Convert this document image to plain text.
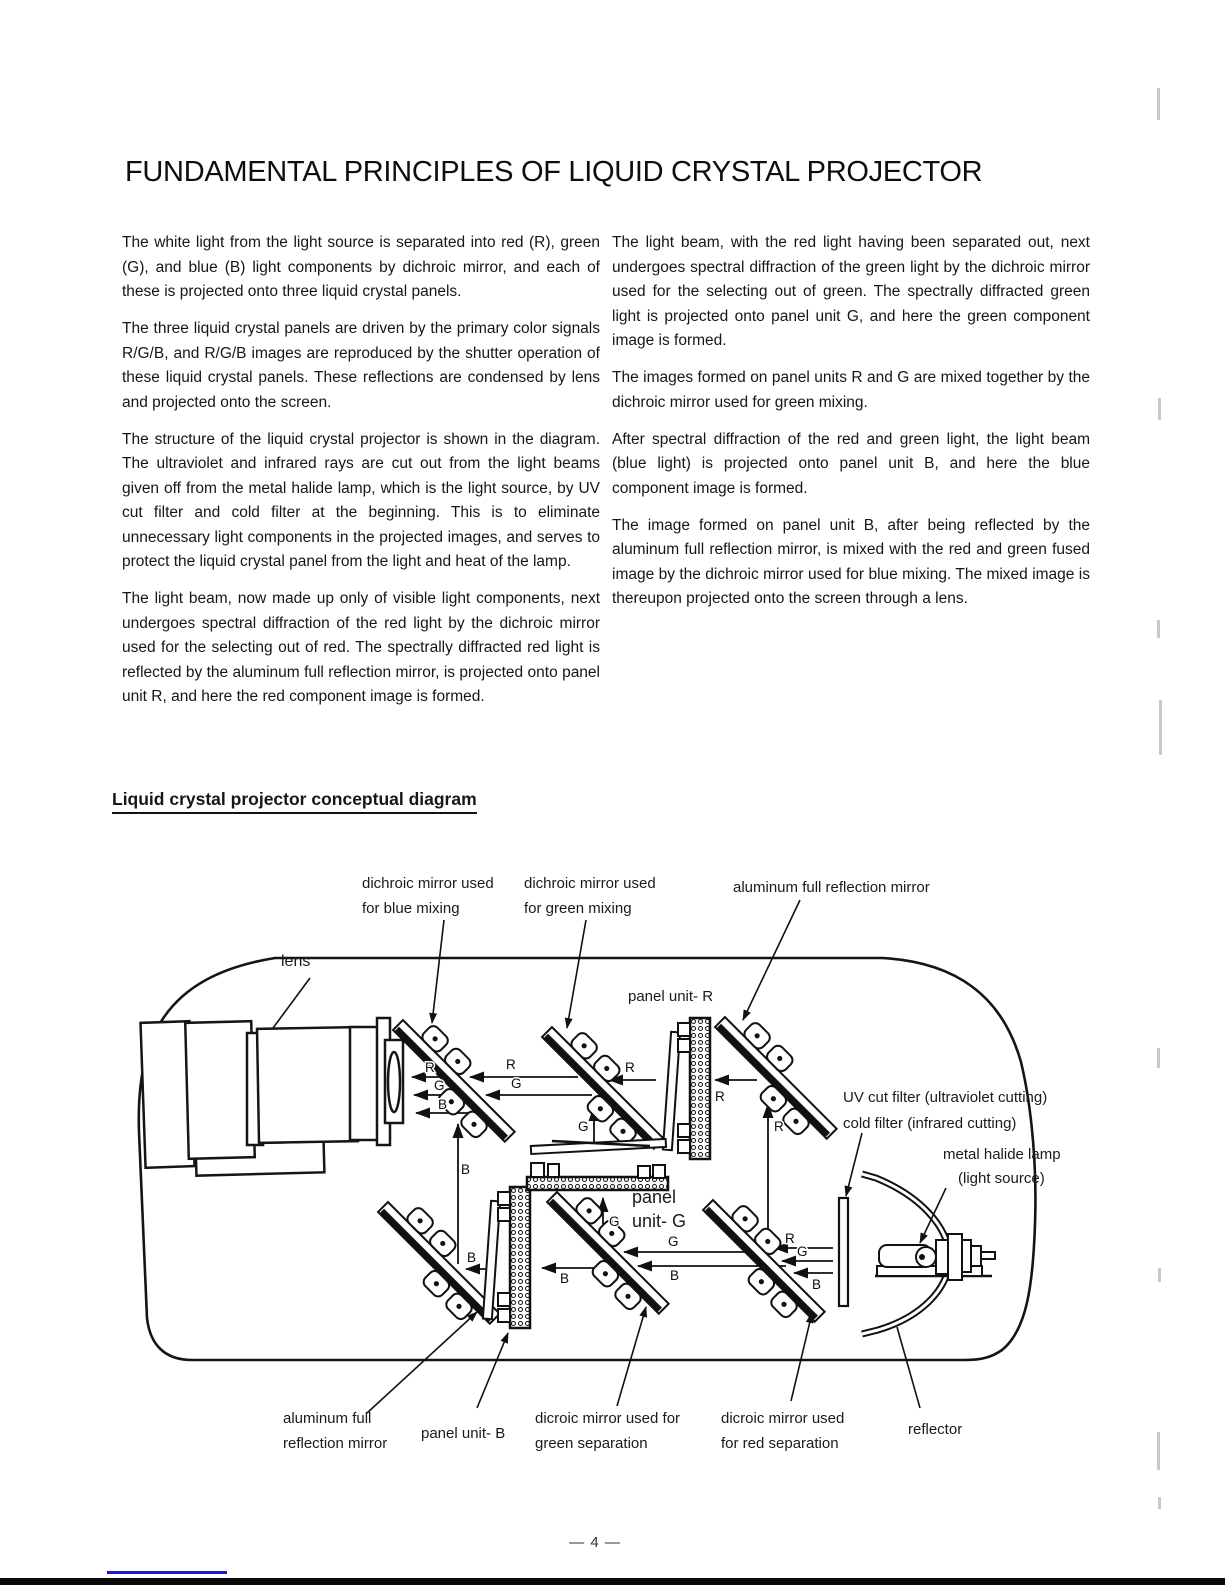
FUNDAMENTAL PRINCIPLES OF LIQUID CRYSTAL PROJECTOR

The white light from the light source is separated into red (R), green (G), and blue (B) light components by dichroic mirror, and each of these is projected onto three liquid crystal panels.

The three liquid crystal panels are driven by the primary color signals R/G/B, and R/G/B images are reproduced by the shutter operation of these liquid crystal panels. These reflections are condensed by lens and projected onto the screen.

The structure of the liquid crystal projector is shown in the diagram. The ultraviolet and infrared rays are cut out from the light beams given off from the metal halide lamp, which is the light source, by UV cut filter and cold filter at the beginning. This is to eliminate unnecessary light components in the projected images, and serves to protect the liquid crystal panel from the light and heat of the lamp.

The light beam, now made up only of visible light components, next undergoes spectral diffraction of the red light by the dichroic mirror used for the selecting out of red. The spectrally diffracted red light is reflected by the aluminum full reflection mirror, is projected onto panel unit R, and here the red component image is formed.

The light beam, with the red light having been separated out, next undergoes spectral diffraction of the green light by the dichroic mirror used for the selecting out of green. The spectrally diffracted green light is projected onto panel unit G, and here the green component image is formed.

The images formed on panel units R and G are mixed together by the dichroic mirror used for green mixing.

After spectral diffraction of the red and green light, the light beam (blue light) is projected onto panel unit B, and here the blue component image is formed.

The image formed on panel unit B, after being reflected by the aluminum full reflection mirror, is mixed with the red and green fused image by the dichroic mirror used for blue mixing. The mixed image is thereupon projected onto the screen through a lens.

Liquid crystal projector conceptual diagram
lens
dichroic mirror used
for blue mixing
dichroic mirror used
for green mixing
aluminum full reflection mirror
panel unit- R
UV cut filter (ultraviolet cutting)
cold filter (infrared cutting)
metal halide lamp
(light source)
panel
unit- G
aluminum full
reflection mirror
panel unit- B
dicroic mirror used for
green separation
dicroic mirror used
for red separation
reflector
R
G
B
R
G
R
R
R
R
G
B
G
B
B
B
B
G
G
— 4 —
